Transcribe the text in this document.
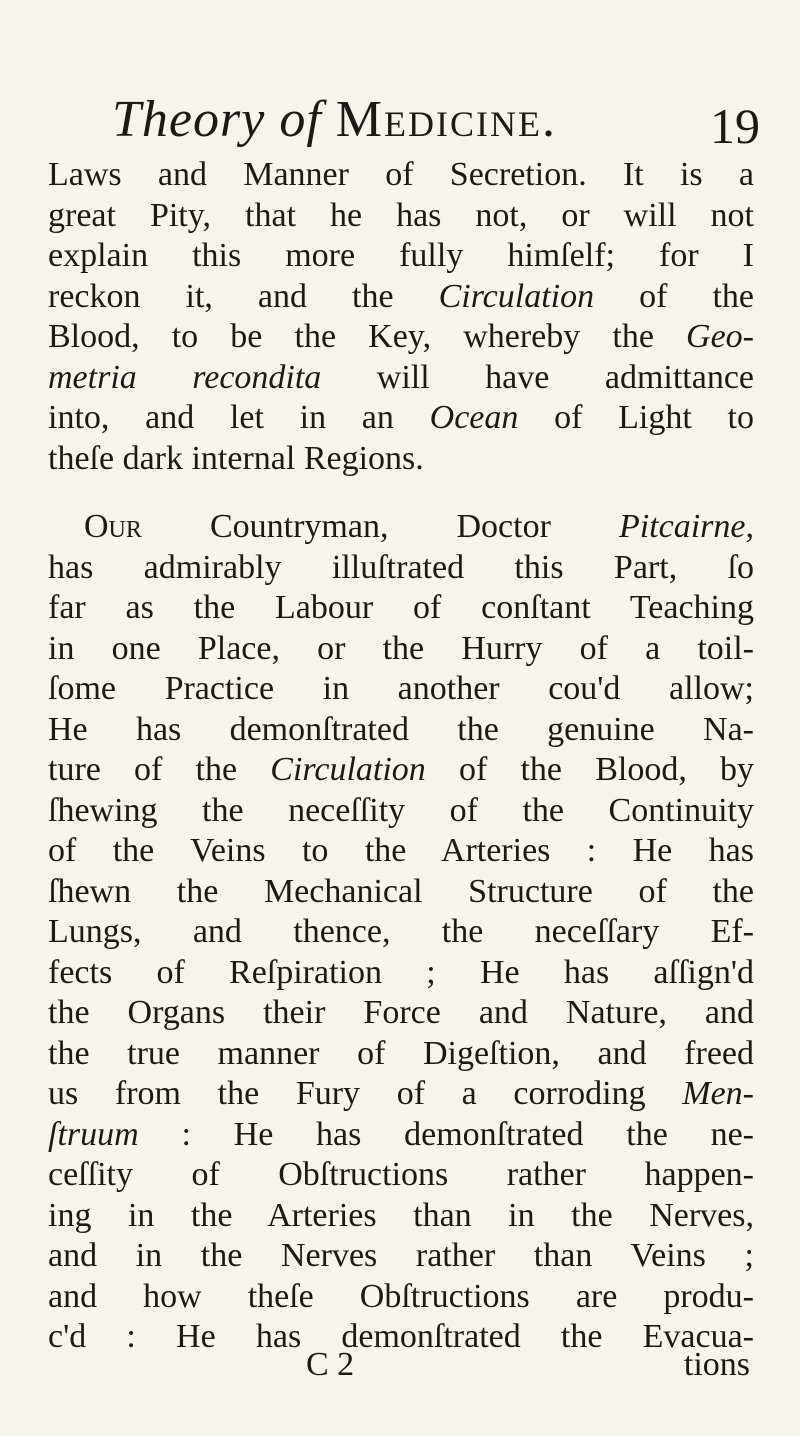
Theory of Medicine.	19
Laws and Manner of Secretion. It is a
great Pity, that he has not, or will not
explain this more fully himſelf; for I
reckon it, and the Circulation of the
Blood, to be the Key, whereby the Geo-
metria recondita will have admittance
into, and let in an Ocean of Light to
theſe dark internal Regions.
Our Countryman, Doctor Pitcairne,
has admirably illuſtrated this Part, ſo
far as the Labour of conſtant Teaching
in one Place, or the Hurry of a toil-
ſome Practice in another cou'd allow;
He has demonſtrated the genuine Na-
ture of the Circulation of the Blood, by
ſhewing the neceſſity of the Continuity
of the Veins to the Arteries : He has
ſhewn the Mechanical Structure of the
Lungs, and thence, the neceſſary Ef-
fects of Reſpiration ; He has aſſign'd
the Organs their Force and Nature, and
the true manner of Digeſtion, and freed
us from the Fury of a corroding Men-
ſtruum : He has demonſtrated the ne-
ceſſity of Obſtructions rather happen-
ing in the Arteries than in the Nerves,
and in the Nerves rather than Veins ;
and how theſe Obſtructions are produ-
c'd : He has demonſtrated the Evacua-
C 2	tions
